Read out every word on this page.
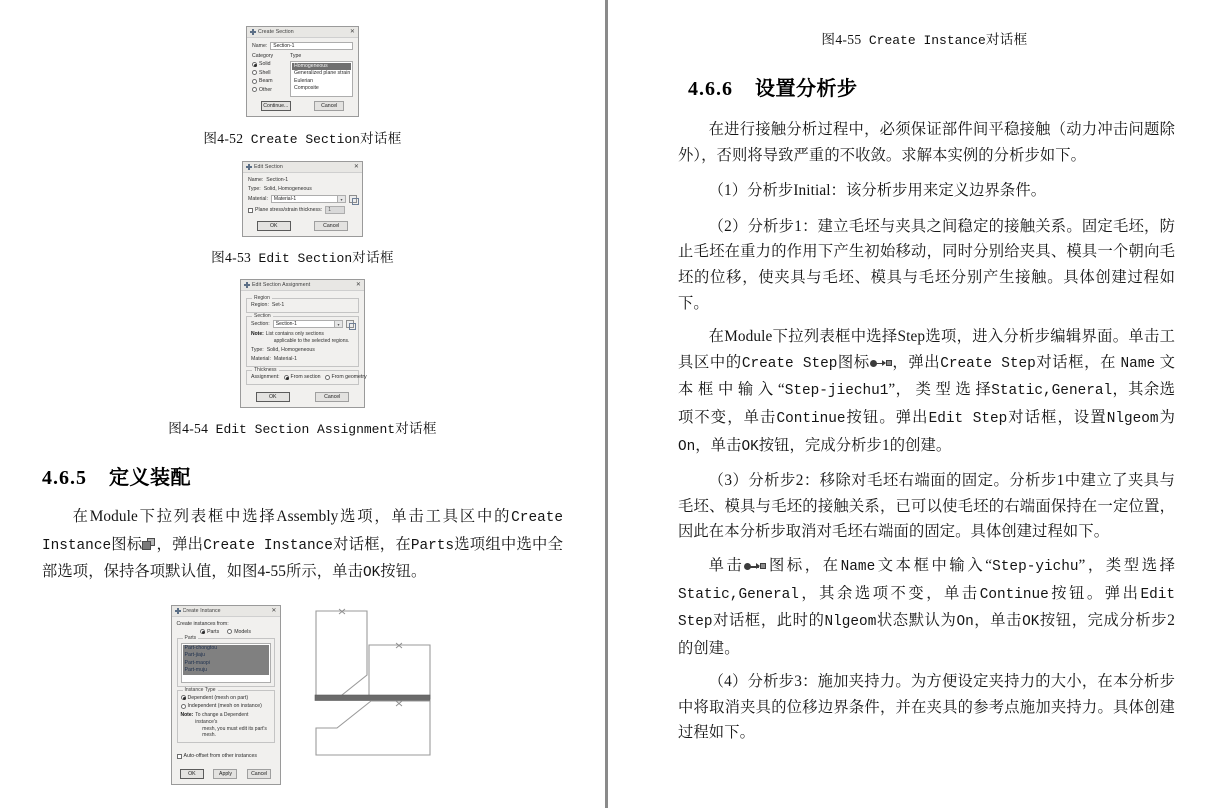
Create Section	✕
Name:	Section-1
Category
Solid
Shell
Beam
Other
Type
Homogeneous
Generalized plane strain
Eulerian
Composite
Continue...	Cancel
图4-52 Create Section对话框
Edit Section	✕
Name: Section-1
Type: Solid, Homogeneous
Material:	Material-1	▾
Plane stress/strain thickness:	1
OK	Cancel
图4-53 Edit Section对话框
Edit Section Assignment	✕
Region
Region: Set-1
Section
Section:	Section-1	▾
Note: List contains only sections
applicable to the selected regions.
Type: Solid, Homogeneous
Material: Material-1
Thickness
Assignment: From section From geometry
OK	Cancel
图4-54 Edit Section Assignment对话框
4.6.5 定义装配
在Module下拉列表框中选择Assembly选项，单击工具区中的Create Instance图标 ，弹出Create Instance对话框，在Parts选项组中选中全部选项，保持各项默认值，如图4-55所示，单击OK按钮。
Create Instance	✕
Create instances from:
Parts	Models
Parts
Part-chongtou
Part-jiaju
Part-maopi
Part-muju
Instance Type
Dependent (mesh on part)
Independent (mesh on instance)
Note: To change a Dependent instance's
mesh, you must edit its part's mesh.
Auto-offset from other instances
OK	Apply	Cancel
图4-55 Create Instance对话框
4.6.6 设置分析步
在进行接触分析过程中，必须保证部件间平稳接触（动力冲击问题除外），否则将导致严重的不收敛。求解本实例的分析步如下。
（1）分析步Initial：该分析步用来定义边界条件。
（2）分析步1：建立毛坯与夹具之间稳定的接触关系。固定毛坯，防止毛坯在重力的作用下产生初始移动，同时分别给夹具、模具一个朝向毛坯的位移，使夹具与毛坯、模具与毛坯分别产生接触。具体创建过程如下。
在Module下拉列表框中选择Step选项，进入分析步编辑界面。单击工具区中的Create Step图标 ，弹出Create Step对话框，在 Name 文 本 框 中 输 入 “Step-jiechu1”， 类 型 选 择Static,General，其余选项不变，单击Continue按钮。弹出Edit Step对话框，设置Nlgeom为On，单击OK按钮，完成分析步1的创建。
（3）分析步2：移除对毛坯右端面的固定。分析步1中建立了夹具与毛坯、模具与毛坯的接触关系，已可以使毛坯的右端面保持在一定位置，因此在本分析步取消对毛坯右端面的固定。具体创建过程如下。
单击 图标，在Name文本框中输入“Step-yichu”，类型选择Static,General，其余选项不变，单击Continue按钮。弹出Edit Step对话框，此时的Nlgeom状态默认为On，单击OK按钮，完成分析步2的创建。
（4）分析步3：施加夹持力。为方便设定夹持力的大小，在本分析步中将取消夹具的位移边界条件，并在夹具的参考点施加夹持力。具体创建过程如下。
